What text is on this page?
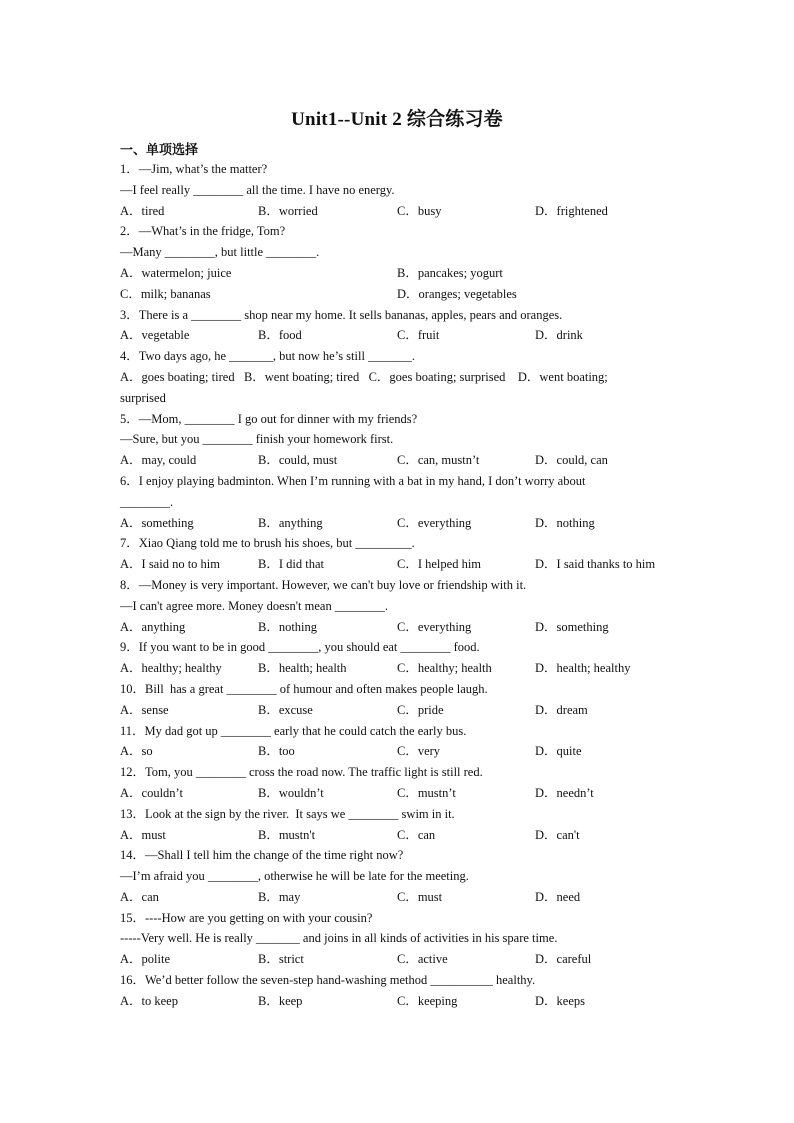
Unit1--Unit 2 综合练习卷
一、单项选择
1．—Jim, what’s the matter?
—I feel really ________ all the time. I have no energy.
A．tired	B．worried	C．busy	D．frightened
2．—What’s in the fridge, Tom?
—Many ________, but little ________.
A．watermelon; juice	B．pancakes; yogurt
C．milk; bananas	D．oranges; vegetables
3．There is a ________ shop near my home. It sells bananas, apples, pears and oranges.
A．vegetable	B．food	C．fruit	D．drink
4．Two days ago, he _______, but now he’s still _______.
A．goes boating; tired   B．went boating; tired   C．goes boating; surprised    D．went boating;
surprised
5．—Mom, ________ I go out for dinner with my friends?
—Sure, but you ________ finish your homework first.
A．may, could	B．could, must	C．can, mustn’t	D．could, can
6．I enjoy playing badminton. When I’m running with a bat in my hand, I don’t worry about
________.
A．something	B．anything	C．everything	D．nothing
7．Xiao Qiang told me to brush his shoes, but _________.
A．I said no to him	B．I did that	C．I helped him	D．I said thanks to him
8．—Money is very important. However, we can't buy love or friendship with it.
—I can't agree more. Money doesn't mean ________.
A．anything	B．nothing	C．everything	D．something
9．If you want to be in good ________, you should eat ________ food.
A．healthy; healthy	B．health; health	C．healthy; health	D．health; healthy
10．Bill  has a great ________ of humour and often makes people laugh.
A．sense	B．excuse	C．pride	D．dream
11．My dad got up ________ early that he could catch the early bus.
A．so	B．too	C．very	D．quite
12．Tom, you ________ cross the road now. The traffic light is still red.
A．couldn’t	B．wouldn’t	C．mustn’t	D．needn’t
13．Look at the sign by the river.  It says we ________ swim in it.
A．must	B．mustn't	C．can	D．can't
14．—Shall I tell him the change of the time right now?
—I’m afraid you ________, otherwise he will be late for the meeting.
A．can	B．may	C．must	D．need
15．----How are you getting on with your cousin?
-----Very well. He is really _______ and joins in all kinds of activities in his spare time.
A．polite	B．strict	C．active	D．careful
16．We’d better follow the seven-step hand-washing method __________ healthy.
A．to keep	B．keep	C．keeping	D．keeps
